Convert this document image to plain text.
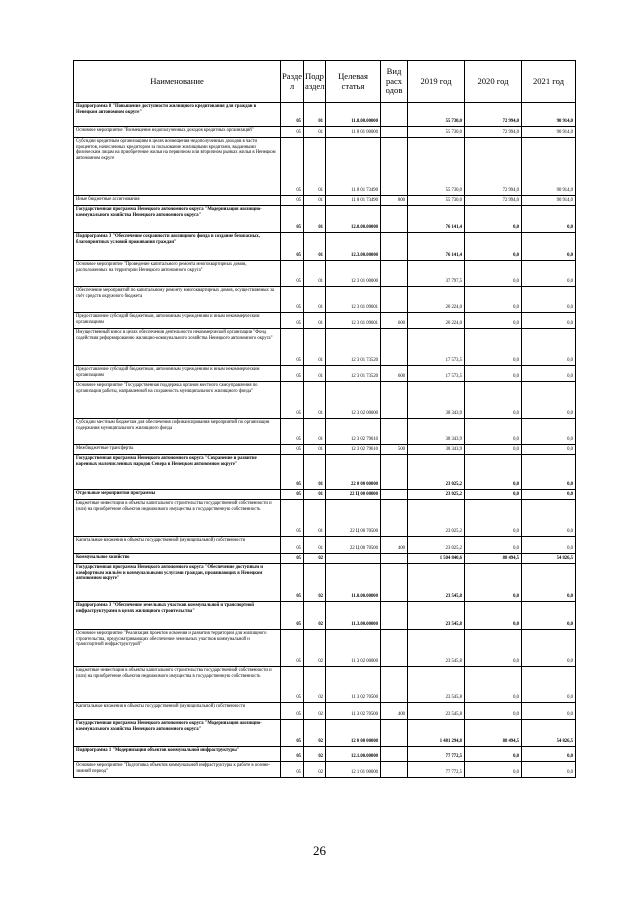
Наименование	Разде л	Подр аздел	Целевая статья	Вид расх одов	2019 год	2020 год	2021 год
Подпрограмма 8 "Повышение доступности жилищного кредитования для граждан в Ненецком автономном округе"	05	01	11.8.00.00000		55 730,0	72 994,0	90 914,0
Основное мероприятие "Возмещение недополученных доходов кредитных организаций"	05	01	11 8 01 00000		55 730,0	72 994,0	90 914,0
Субсидии кредитным организациям в целях возмещения недополученных доходов в части процентов, начисленных кредитором за пользование жилищными кредитами, выданными физическим лицам на приобретение жилья на первичном или вторичном рынках жилья в Ненецком автономном округе	05	01	11 8 01 73490		55 730,0	72 994,0	90 914,0
Иные бюджетные ассигнования	05	01	11 8 01 73490	800	55 730,0	72 994,0	90 914,0
Государственная программа Ненецкого автономного округа "Модернизация жилищно-коммунального хозяйства Ненецкого автономного округа"	05	01	12.0.00.00000		76 141,4	0,0	0,0
Подпрограмма 3 "Обеспечение сохранности жилищного фонда и создание безопасных, благоприятных условий проживания граждан"	05	01	12.3.00.00000		76 141,4	0,0	0,0
Основное мероприятие "Проведение капитального ремонта многоквартирных домов, расположенных на территории Ненецкого автономного округа"	05	01	12 3 01 00000		37 797,5	0,0	0,0
Обеспечение мероприятий по капитальному ремонту многоквартирных домов, осуществляемых за счёт средств окружного бюджета	05	01	12 3 01 09601		20 224,0	0,0	0,0
Предоставление субсидий бюджетным, автономным учреждениям и иным некоммерческим организациям	05	01	12 3 01 09601	600	20 224,0	0,0	0,0
Имущественный взнос в целях обеспечения деятельности некоммерческой организации "Фонд содействия реформированию жилищно-коммунального хозяйства Ненецкого автономного округа"	05	01	12 3 01 73520		17 573,5	0,0	0,0
Предоставление субсидий бюджетным, автономным учреждениям и иным некоммерческим организациям	05	01	12 3 01 73520	600	17 573,5	0,0	0,0
Основное мероприятие "Государственная поддержка органов местного самоуправления по организации работы, направленной на сохранность муниципального жилищного фонда"	05	01	12 3 02 00000		38 343,9	0,0	0,0
Субсидии местным бюджетам для обеспечения софинансирования мероприятий по организации содержания муниципального жилищного фонда	05	01	12 3 02 79610		38 343,9	0,0	0,0
Межбюджетные трансферты	05	01	12 3 02 79610	500	38 343,9	0,0	0,0
Государственная программа Ненецкого автономного округа "Сохранение и развитие коренных малочисленных народов Севера в Ненецком автономном округе"	05	01	22 0 00 00000		23 025,2	0,0	0,0
Отдельные мероприятия программы	05	01	22 Ц 00 00000		23 025,2	0,0	0,0
Бюджетные инвестиции в объекты капитального строительства государственной собственности и (или) на приобретение объектов недвижимого имущества в государственную собственность	05	01	22 Ц 00 70500		23 025,2	0,0	0,0
Капитальные вложения в объекты государственной (муниципальной) собственности	05	01	22 Ц 00 70500	400	23 025,2	0,0	0,0
Коммунальное хозяйство	05	02			1 504 840,6	88 494,5	54 826,5
Государственная программа Ненецкого автономного округа "Обеспечение доступным и комфортным жильём и коммунальными услугами граждан, проживающих в Ненецком автономном округе"	05	02	11.0.00.00000		23 545,8	0,0	0,0
Подпрограмма 3 "Обеспечение земельных участков коммунальной и транспортной инфраструктурами в целях жилищного строительства"	05	02	11.3.00.00000		23 545,8	0,0	0,0
Основное мероприятие "Реализация проектов освоения и развития территории для жилищного строительства, предусматривающих обеспечение земельных участков коммунальной и транспортной инфраструктурой"	05	02	11 3 02 00000		23 545,8	0,0	0,0
Бюджетные инвестиции в объекты капитального строительства государственной собственности и (или) на приобретение объектов недвижимого имущества в государственную собственность	05	02	11 3 02 70500		23 545,8	0,0	0,0
Капитальные вложения в объекты государственной (муниципальной) собственности	05	02	11 3 02 70500	400	23 545,8	0,0	0,0
Государственная программа Ненецкого автономного округа "Модернизация жилищно-коммунального хозяйства Ненецкого автономного округа"	05	02	12 0 00 00000		1 481 294,8	88 494,5	54 826,5
Подпрограмма 1 "Модернизация объектов коммунальной инфраструктуры"	05	02	12.1.00.00000		77 772,5	0,0	0,0
Основное мероприятие "Подготовка объектов коммунальной инфраструктуры к работе в осенне-зимний период"	05	02	12 1 01 00000		77 772,5	0,0	0,0
26
